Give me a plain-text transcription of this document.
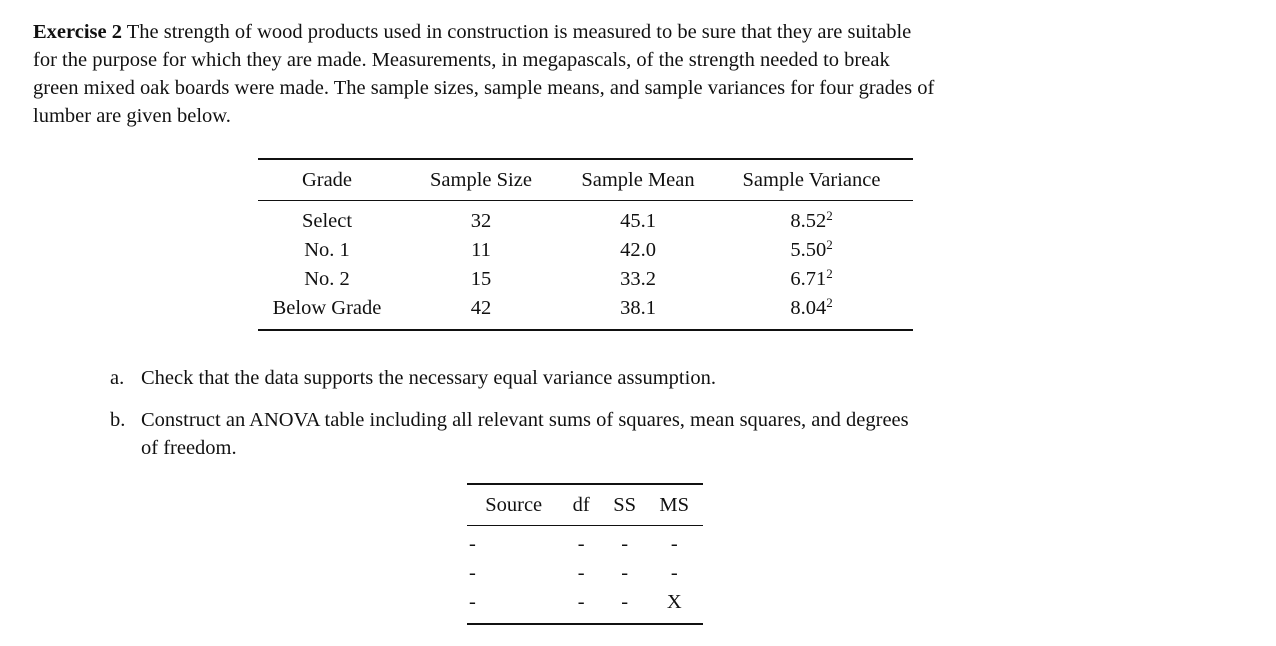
Exercise 2 The strength of wood products used in construction is measured to be sure that they are suitable
for the purpose for which they are made. Measurements, in megapascals, of the strength needed to break
green mixed oak boards were made. The sample sizes, sample means, and sample variances for four grades of
lumber are given below.
Grade	Sample Size	Sample Mean	Sample Variance
Select	32	45.1	8.52$^2$
No. 1	11	42.0	5.50$^2$
No. 2	15	33.2	6.71$^2$
Below Grade	42	38.1	8.04$^2$
a. Check that the data supports the necessary equal variance assumption.
b. Construct an ANOVA table including all relevant sums of squares, mean squares, and degrees
of freedom.
Source	df	SS	MS
-	-	-	-
-	-	-	-
-	-	-	X
